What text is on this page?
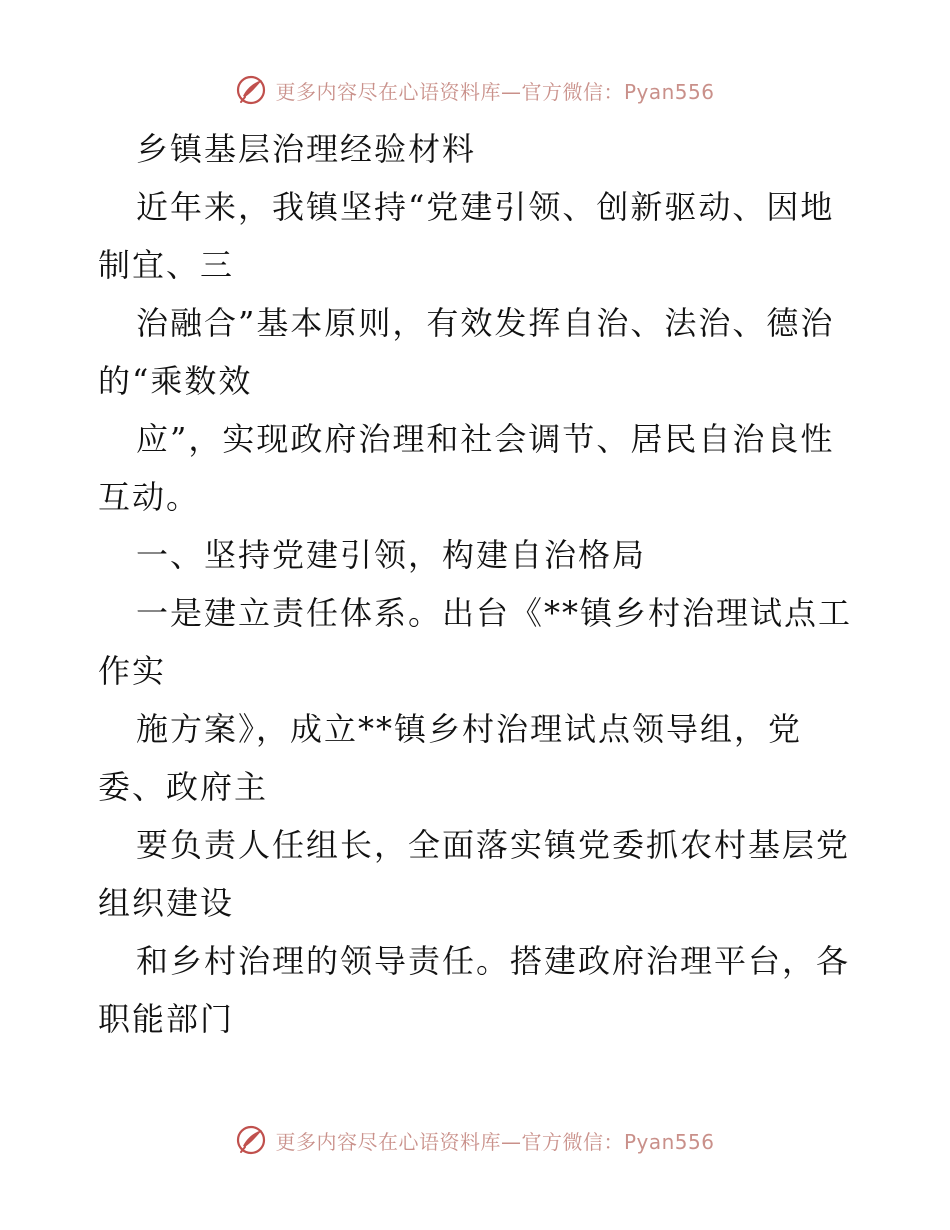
更多内容尽在心语资料库—官方微信：Pyan556
乡镇基层治理经验材料
近年来，我镇坚持“党建引领、创新驱动、因地
制宜、三
治融合”基本原则，有效发挥自治、法治、德治
的“乘数效
应”，实现政府治理和社会调节、居民自治良性
互动。
一、坚持党建引领，构建自治格局
一是建立责任体系。出台《**镇乡村治理试点工
作实
施方案》，成立**镇乡村治理试点领导组，党
委、政府主
要负责人任组长，全面落实镇党委抓农村基层党
组织建设
和乡村治理的领导责任。搭建政府治理平台，各
职能部门
更多内容尽在心语资料库—官方微信：Pyan556
